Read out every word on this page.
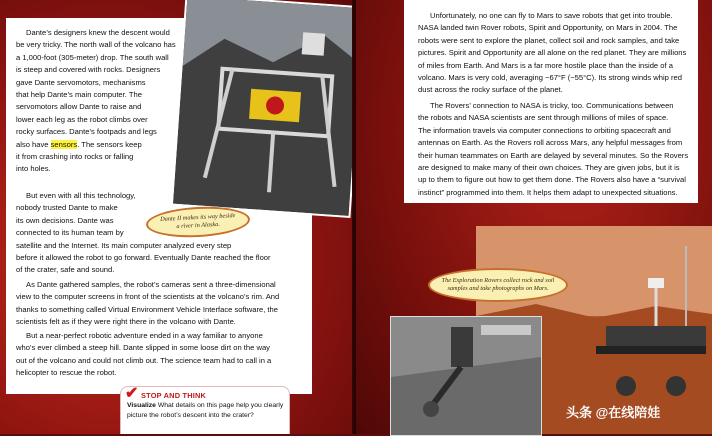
Dante’s designers knew the descent would
be very tricky. The north wall of the volcano has
a 1,000-foot (305-meter) drop. The south wall
is steep and covered with rocks. Designers
gave Dante servomotors, mechanisms
that help Dante’s main computer. The
servomotors allow Dante to raise and
lower each leg as the robot climbs over
rocky surfaces. Dante’s footpads and legs
also have sensors. The sensors keep
it from crashing into rocks or falling
into holes.
But even with all this technology,
nobody trusted Dante to make
its own decisions. Dante was
connected to its human team by
satellite and the Internet. Its main computer analyzed every step
before it allowed the robot to go forward. Eventually Dante reached the floor
of the crater, safe and sound.
As Dante gathered samples, the robot’s cameras sent a three-dimensional
view to the computer screens in front of the scientists at the volcano’s rim. And
thanks to something called Virtual Environment Vehicle Interface software, the
scientists felt as if they were right there in the volcano with Dante.
But a near-perfect robotic adventure ended in a way familiar to anyone
who’s ever climbed a steep hill. Dante slipped in some loose dirt on the way
out of the volcano and could not climb out. The science team had to call in a
helicopter to rescue the robot.
Dante II makes its way beside a river in Alaska.
✔ STOP AND THINK
Visualize What details on this page help you clearly picture the robot’s descent into the crater?
Unfortunately, no one can fly to Mars to save robots that get into trouble.
NASA landed twin Rover robots, Spirit and Opportunity, on Mars in 2004. The
robots were sent to explore the planet, collect soil and rock samples, and take
pictures. Spirit and Opportunity are all alone on the red planet. They are millions
of miles from Earth. And Mars is a far more hostile place than the inside of a
volcano. Mars is very cold, averaging −67°F (−55°C). Its strong winds whip red
dust across the rocky surface of the planet.
The Rovers’ connection to NASA is tricky, too. Communications between
the robots and NASA scientists are sent through millions of miles of space.
The information travels via computer connections to orbiting spacecraft and
antennas on Earth. As the Rovers roll across Mars, any helpful messages from
their human teammates on Earth are delayed by several minutes. So the Rovers
are designed to make many of their own choices. They are given jobs, but it is
up to them to figure out how to get them done. The Rovers also have a “survival
instinct” programmed into them. It helps them adapt to unexpected situations.
The Exploration Rovers collect rock and soil samples and take photographs on Mars.
头条 @在线陪娃
